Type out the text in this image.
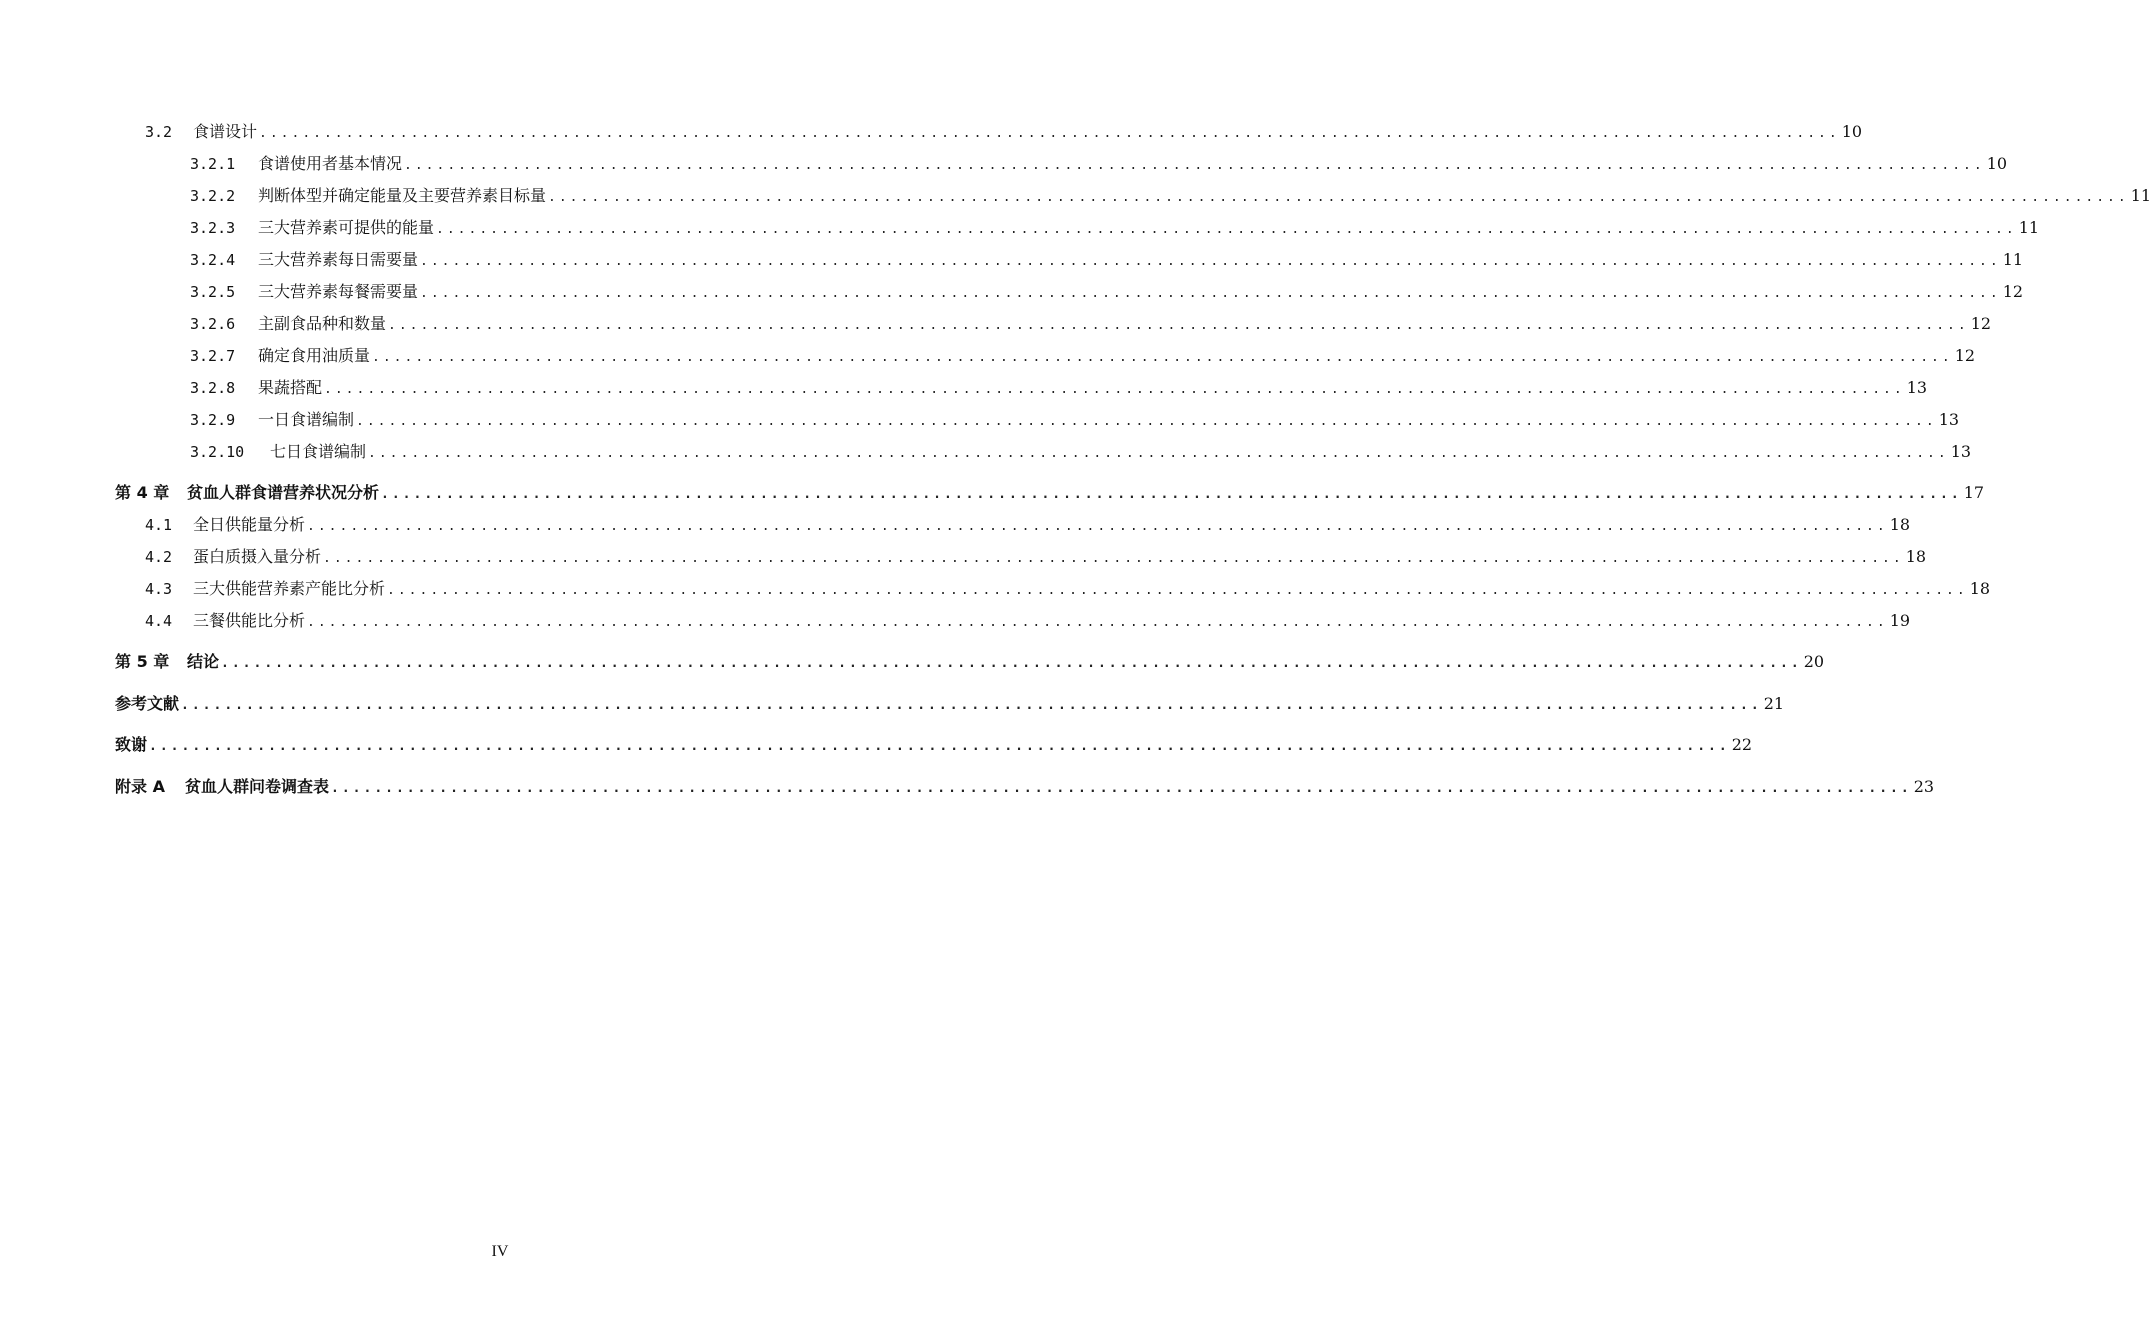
3.2	食谱设计 .................................................................................................................................................. 10
3.2.1	食谱使用者基本情况 .................................................................................................................................................. 10
3.2.2	判断体型并确定能量及主要营养素目标量 .................................................................................................................................................. 11
3.2.3	三大营养素可提供的能量 .................................................................................................................................................. 11
3.2.4	三大营养素每日需要量 .................................................................................................................................................. 11
3.2.5	三大营养素每餐需要量 .................................................................................................................................................. 12
3.2.6	主副食品种和数量 .................................................................................................................................................. 12
3.2.7	确定食用油质量 .................................................................................................................................................. 12
3.2.8	果蔬搭配 .................................................................................................................................................. 13
3.2.9	一日食谱编制 .................................................................................................................................................. 13
3.2.10	七日食谱编制 .................................................................................................................................................. 13
第 4 章	贫血人群食谱营养状况分析 .................................................................................................................................................. 17
4.1	全日供能量分析 .................................................................................................................................................. 18
4.2	蛋白质摄入量分析 .................................................................................................................................................. 18
4.3	三大供能营养素产能比分析 .................................................................................................................................................. 18
4.4	三餐供能比分析 .................................................................................................................................................. 19
第 5 章	结论 .................................................................................................................................................. 20
参考文献 .................................................................................................................................................. 21
致谢 .................................................................................................................................................. 22
附录 A	贫血人群问卷调查表 .................................................................................................................................................. 23
IV
